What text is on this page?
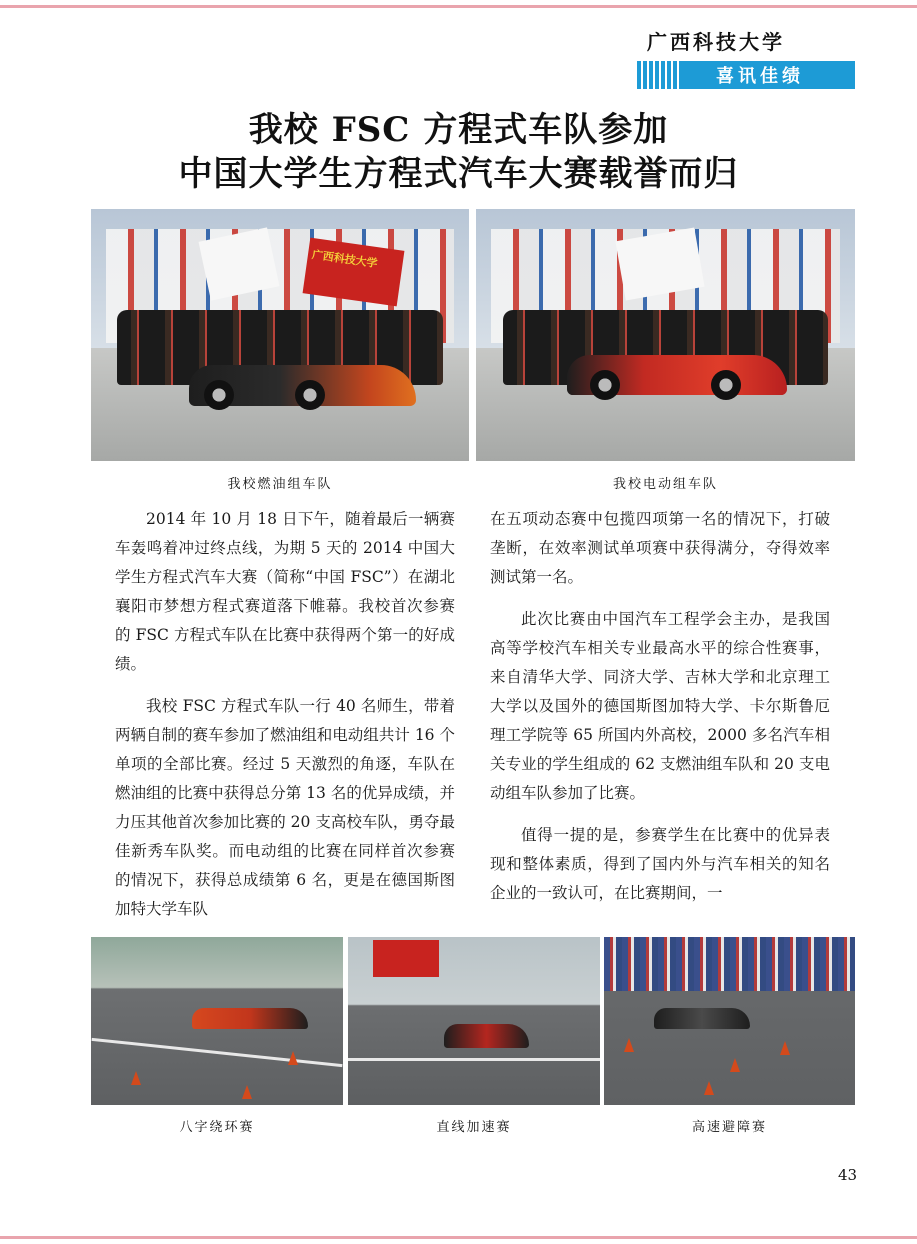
广西科技大学
喜讯佳绩
我校 FSC 方程式车队参加
中国大学生方程式汽车大赛载誉而归
广西科技大学
我校燃油组车队	我校电动组车队

2014 年 10 月 18 日下午，随着最后一辆赛车轰鸣着冲过终点线，为期 5 天的 2014 中国大学生方程式汽车大赛（简称“中国 FSC”）在湖北襄阳市梦想方程式赛道落下帷幕。我校首次参赛的 FSC 方程式车队在比赛中获得两个第一的好成绩。

我校 FSC 方程式车队一行 40 名师生，带着两辆自制的赛车参加了燃油组和电动组共计 16 个单项的全部比赛。经过 5 天激烈的角逐，车队在燃油组的比赛中获得总分第 13 名的优异成绩，并力压其他首次参加比赛的 20 支高校车队，勇夺最佳新秀车队奖。而电动组的比赛在同样首次参赛的情况下，获得总成绩第 6 名，更是在德国斯图加特大学车队

在五项动态赛中包揽四项第一名的情况下，打破垄断，在效率测试单项赛中获得满分，夺得效率测试第一名。

此次比赛由中国汽车工程学会主办，是我国高等学校汽车相关专业最高水平的综合性赛事，来自清华大学、同济大学、吉林大学和北京理工大学以及国外的德国斯图加特大学、卡尔斯鲁厄理工学院等 65 所国内外高校，2000 多名汽车相关专业的学生组成的 62 支燃油组车队和 20 支电动组车队参加了比赛。

值得一提的是，参赛学生在比赛中的优异表现和整体素质，得到了国内外与汽车相关的知名企业的一致认可，在比赛期间，一

八字绕环赛	直线加速赛	高速避障赛
43
